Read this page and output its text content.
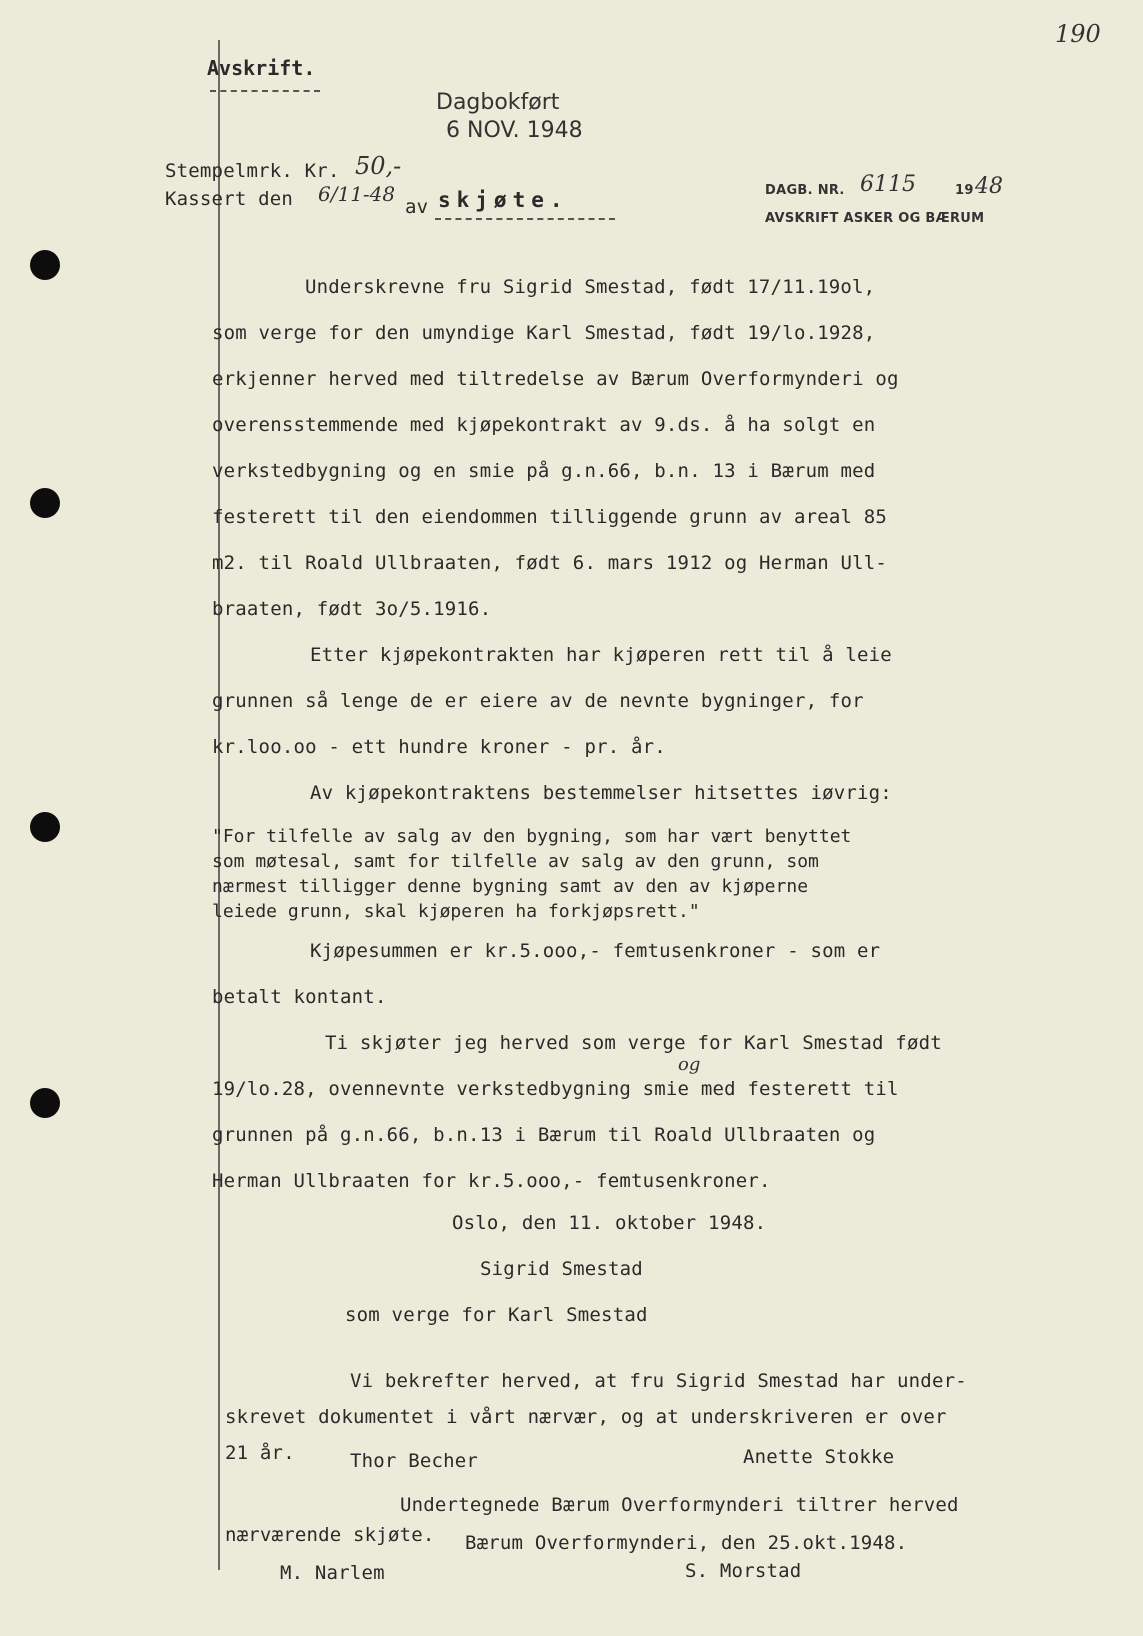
190
Avskrift.
Dagbokført
6 NOV. 1948
DAGB. NR. 6115	19 48
AVSKRIFT ASKER OG BÆRUM
Stempelmrk. Kr. 50,-
Kassert den 6/11-48
av skjøte.
Underskrevne fru Sigrid Smestad, født 17/11.19ol,
som verge for den umyndige Karl Smestad, født 19/lo.1928,
erkjenner herved med tiltredelse av Bærum Overformynderi og
overensstemmende med kjøpekontrakt av 9.ds. å ha solgt en
verkstedbygning og en smie på g.n.66, b.n. 13 i Bærum med
festerett til den eiendommen tilliggende grunn av areal 85
m2. til Roald Ullbraaten, født 6. mars 1912 og Herman Ull-
braaten, født 3o/5.1916.
Etter kjøpekontrakten har kjøperen rett til å leie
grunnen så lenge de er eiere av de nevnte bygninger, for
kr.loo.oo - ett hundre kroner - pr. år.
Av kjøpekontraktens bestemmelser hitsettes iøvrig:
"For tilfelle av salg av den bygning, som har vært benyttet
som møtesal, samt for tilfelle av salg av den grunn, som
nærmest tilligger denne bygning samt av den av kjøperne
leiede grunn, skal kjøperen ha forkjøpsrett."
Kjøpesummen er kr.5.ooo,- femtusenkroner - som er
betalt kontant.
Ti skjøter jeg herved som verge for Karl Smestad født
19/lo.28, ovennevnte verkstedbygning smie med festerett til
og
grunnen på g.n.66, b.n.13 i Bærum til Roald Ullbraaten og
Herman Ullbraaten for kr.5.ooo,- femtusenkroner.
Oslo, den 11. oktober 1948.
Sigrid Smestad
som verge for Karl Smestad
Vi bekrefter herved, at fru Sigrid Smestad har under-
skrevet dokumentet i vårt nærvær, og at underskriveren er over
21 år.	Thor Becher	Anette Stokke
Undertegnede Bærum Overformynderi tiltrer herved
nærværende skjøte. Bærum Overformynderi, den 25.okt.1948.
M. Narlem	S. Morstad
